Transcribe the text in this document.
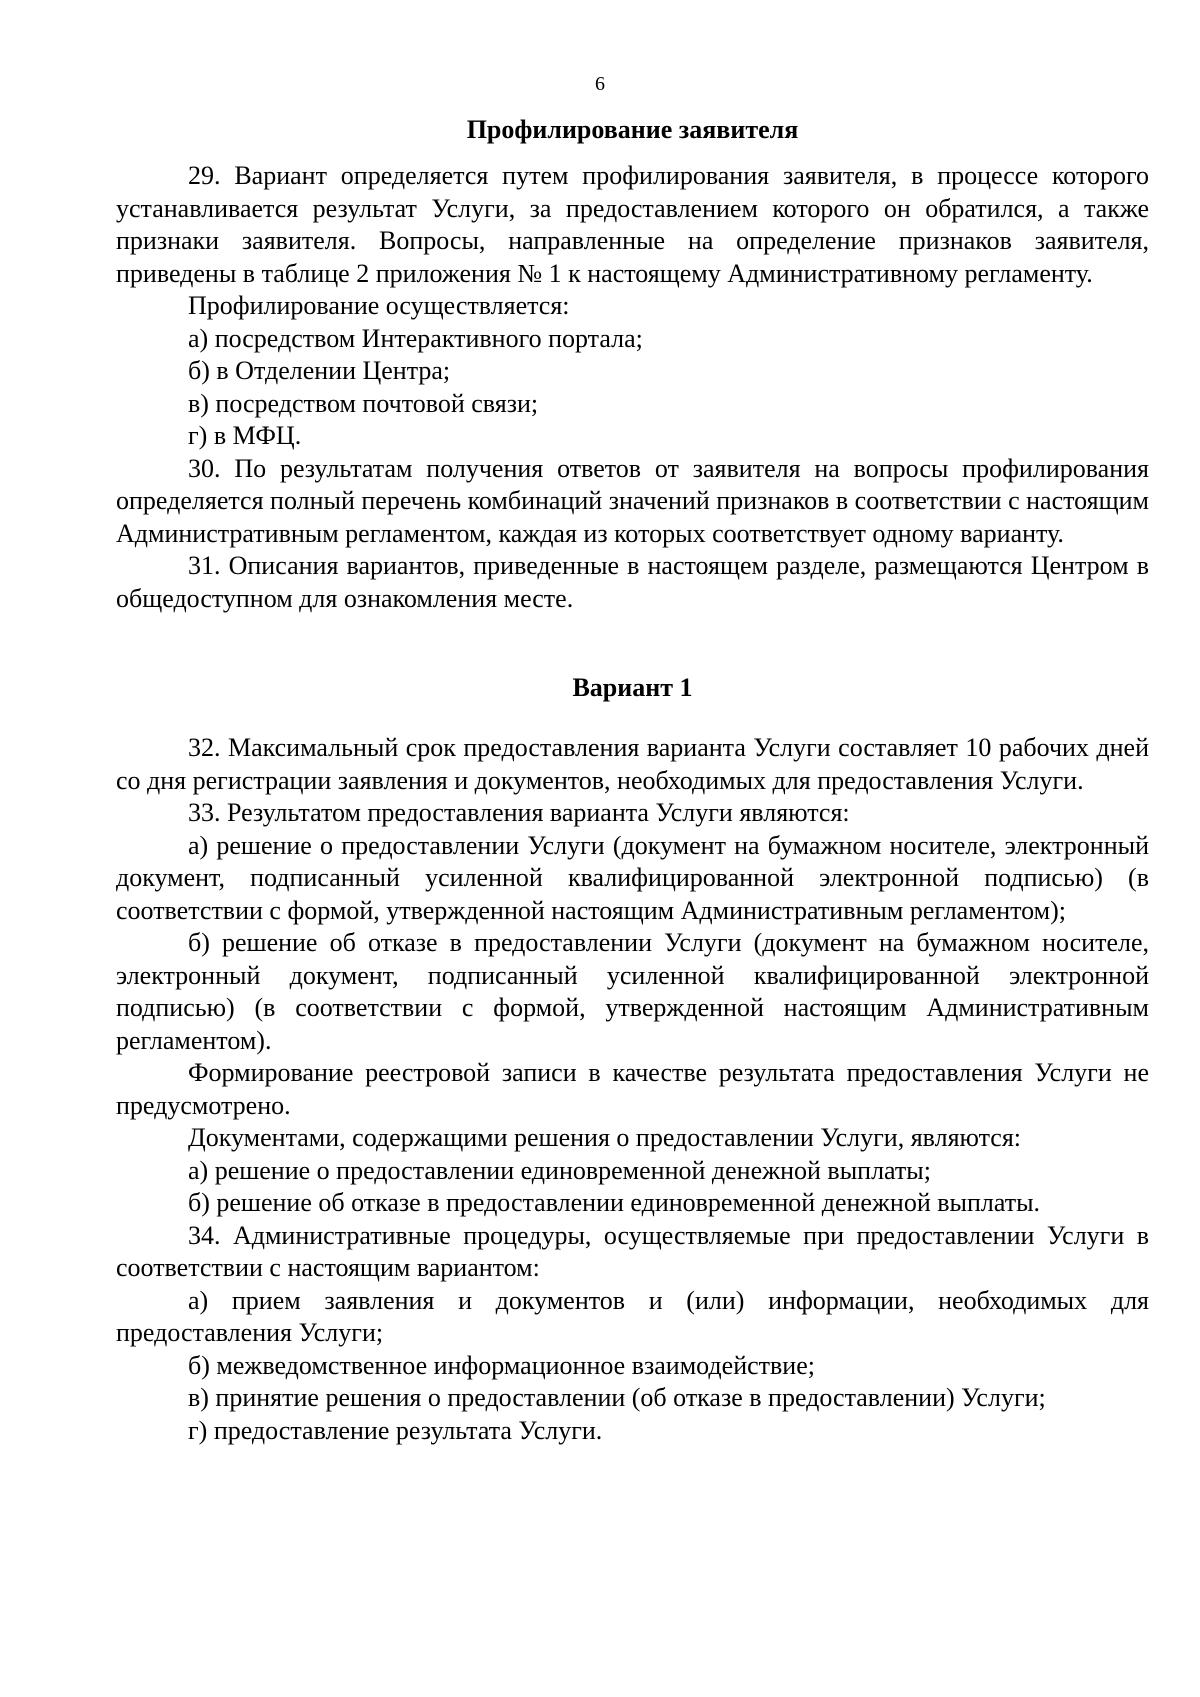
6
Профилирование заявителя

29. Вариант определяется путем профилирования заявителя, в процессе которого устанавливается результат Услуги, за предоставлением которого он обратился, а также признаки заявителя. Вопросы, направленные на определение признаков заявителя, приведены в таблице 2 приложения № 1 к настоящему Административному регламенту.

Профилирование осуществляется:

а) посредством Интерактивного портала;

б) в Отделении Центра;

в) посредством почтовой связи;

г) в МФЦ.

30. По результатам получения ответов от заявителя на вопросы профилирования определяется полный перечень комбинаций значений признаков в соответствии с настоящим Административным регламентом, каждая из которых соответствует одному варианту.

31. Описания вариантов, приведенные в настоящем разделе, размещаются Центром в общедоступном для ознакомления месте.

Вариант 1

32. Максимальный срок предоставления варианта Услуги составляет 10 рабочих дней со дня регистрации заявления и документов, необходимых для предоставления Услуги.

33. Результатом предоставления варианта Услуги являются:

а) решение о предоставлении Услуги (документ на бумажном носителе, электронный документ, подписанный усиленной квалифицированной электронной подписью) (в соответствии с формой, утвержденной настоящим Административным регламентом);

б) решение об отказе в предоставлении Услуги (документ на бумажном носителе, электронный документ, подписанный усиленной квалифицированной электронной подписью) (в соответствии с формой, утвержденной настоящим Административным регламентом).

Формирование реестровой записи в качестве результата предоставления Услуги не предусмотрено.

Документами, содержащими решения о предоставлении Услуги, являются:

а) решение о предоставлении единовременной денежной выплаты;

б) решение об отказе в предоставлении единовременной денежной выплаты.

34. Административные процедуры, осуществляемые при предоставлении Услуги в соответствии с настоящим вариантом:

а) прием заявления и документов и (или) информации, необходимых для предоставления Услуги;

б) межведомственное информационное взаимодействие;

в) принятие решения о предоставлении (об отказе в предоставлении) Услуги;

г) предоставление результата Услуги.
